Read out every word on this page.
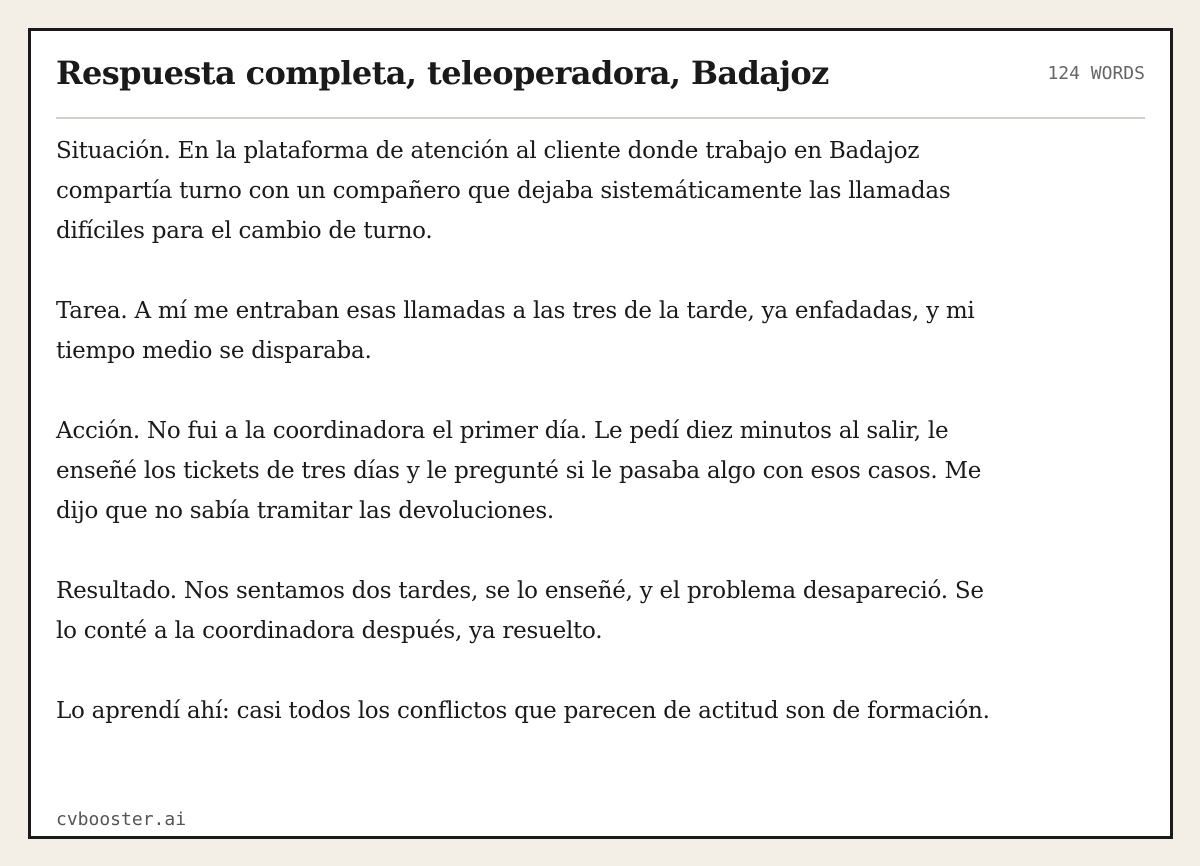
Respuesta completa, teleoperadora, Badajoz	124 WORDS

Situación. En la plataforma de atención al cliente donde trabajo en Badajoz compartía turno con un compañero que dejaba sistemáticamente las llamadas difíciles para el cambio de turno.

Tarea. A mí me entraban esas llamadas a las tres de la tarde, ya enfadadas, y mi tiempo medio se disparaba.

Acción. No fui a la coordinadora el primer día. Le pedí diez minutos al salir, le enseñé los tickets de tres días y le pregunté si le pasaba algo con esos casos. Me dijo que no sabía tramitar las devoluciones.

Resultado. Nos sentamos dos tardes, se lo enseñé, y el problema desapareció. Se lo conté a la coordinadora después, ya resuelto.

Lo aprendí ahí: casi todos los conflictos que parecen de actitud son de formación.

cvbooster.ai
